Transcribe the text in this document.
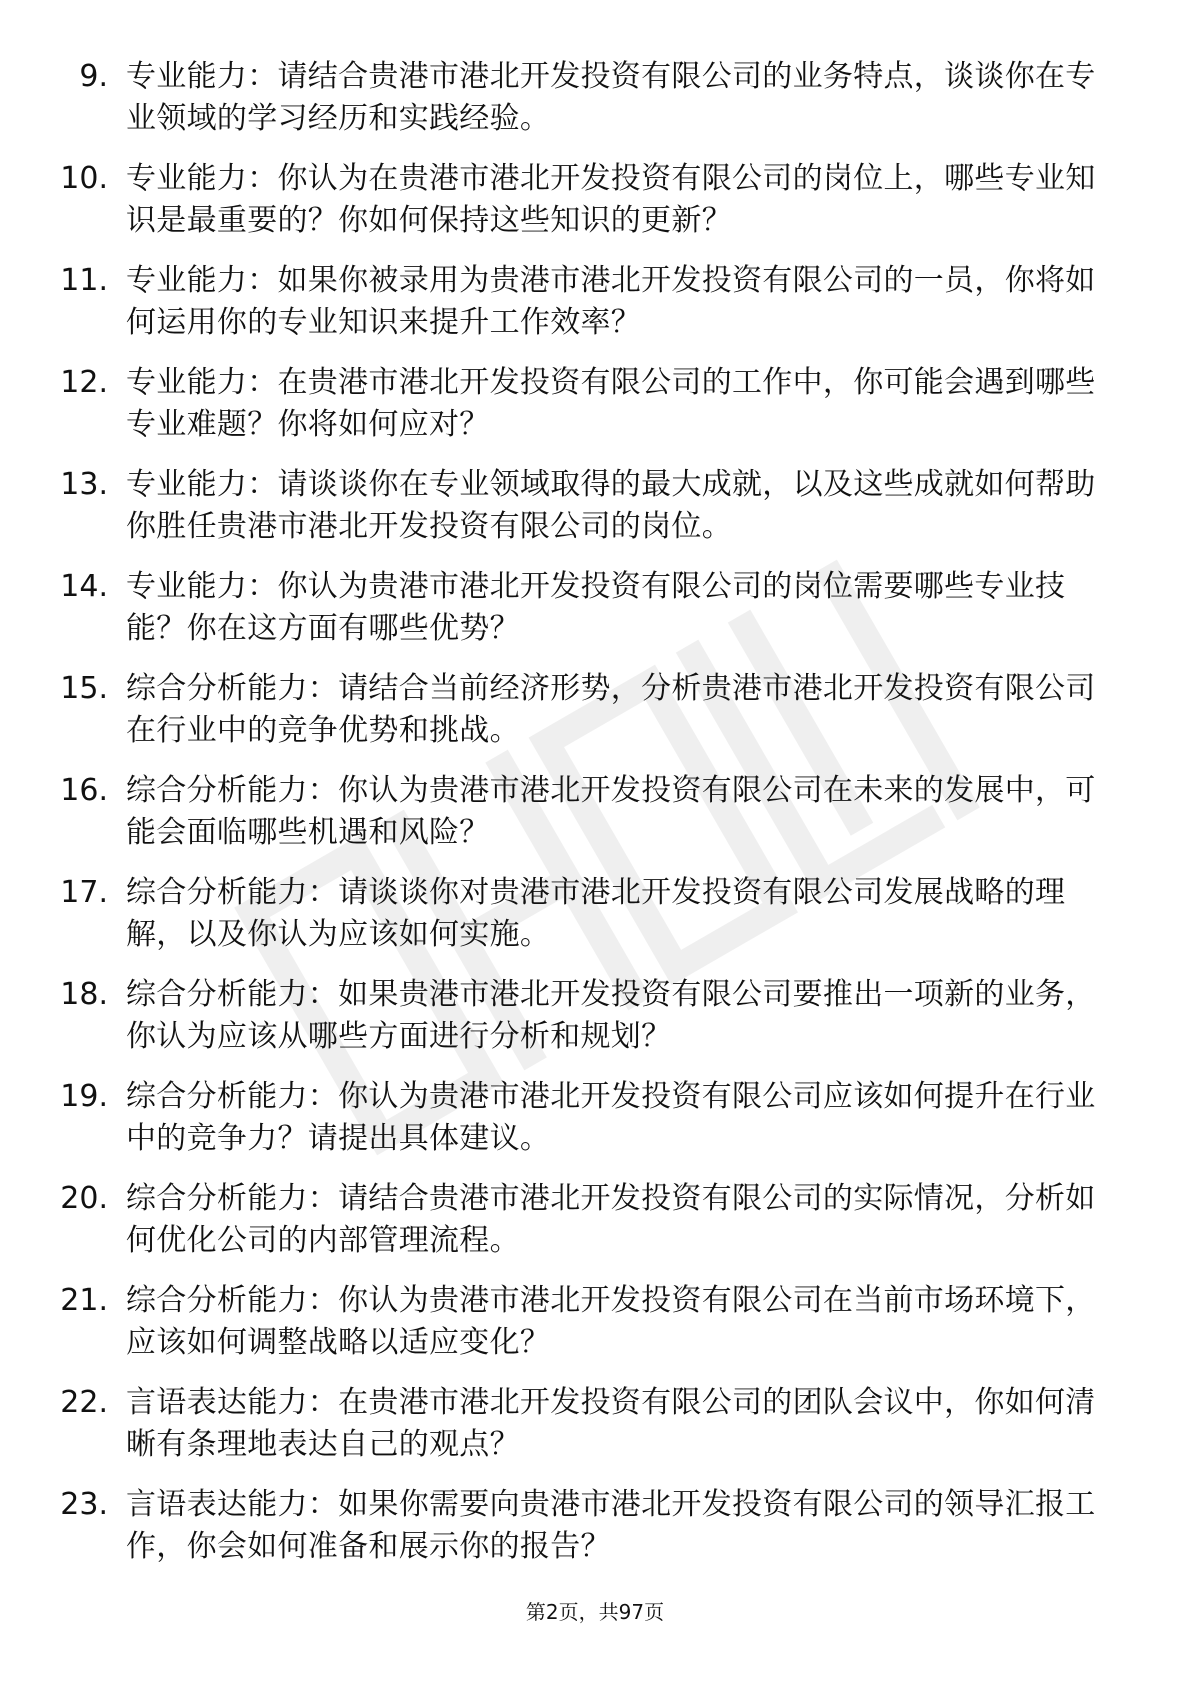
9. 专业能力：请结合贵港市港北开发投资有限公司的业务特点，谈谈你在专业领域的学习经历和实践经验。
10. 专业能力：你认为在贵港市港北开发投资有限公司的岗位上，哪些专业知识是最重要的？你如何保持这些知识的更新？
11. 专业能力：如果你被录用为贵港市港北开发投资有限公司的一员，你将如何运用你的专业知识来提升工作效率？
12. 专业能力：在贵港市港北开发投资有限公司的工作中，你可能会遇到哪些专业难题？你将如何应对？
13. 专业能力：请谈谈你在专业领域取得的最大成就，以及这些成就如何帮助你胜任贵港市港北开发投资有限公司的岗位。
14. 专业能力：你认为贵港市港北开发投资有限公司的岗位需要哪些专业技能？你在这方面有哪些优势？
15. 综合分析能力：请结合当前经济形势，分析贵港市港北开发投资有限公司在行业中的竞争优势和挑战。
16. 综合分析能力：你认为贵港市港北开发投资有限公司在未来的发展中，可能会面临哪些机遇和风险？
17. 综合分析能力：请谈谈你对贵港市港北开发投资有限公司发展战略的理解，以及你认为应该如何实施。
18. 综合分析能力：如果贵港市港北开发投资有限公司要推出一项新的业务，你认为应该从哪些方面进行分析和规划？
19. 综合分析能力：你认为贵港市港北开发投资有限公司应该如何提升在行业中的竞争力？请提出具体建议。
20. 综合分析能力：请结合贵港市港北开发投资有限公司的实际情况，分析如何优化公司的内部管理流程。
21. 综合分析能力：你认为贵港市港北开发投资有限公司在当前市场环境下，应该如何调整战略以适应变化？
22. 言语表达能力：在贵港市港北开发投资有限公司的团队会议中，你如何清晰有条理地表达自己的观点？
23. 言语表达能力：如果你需要向贵港市港北开发投资有限公司的领导汇报工作，你会如何准备和展示你的报告？
第2页，共97页
